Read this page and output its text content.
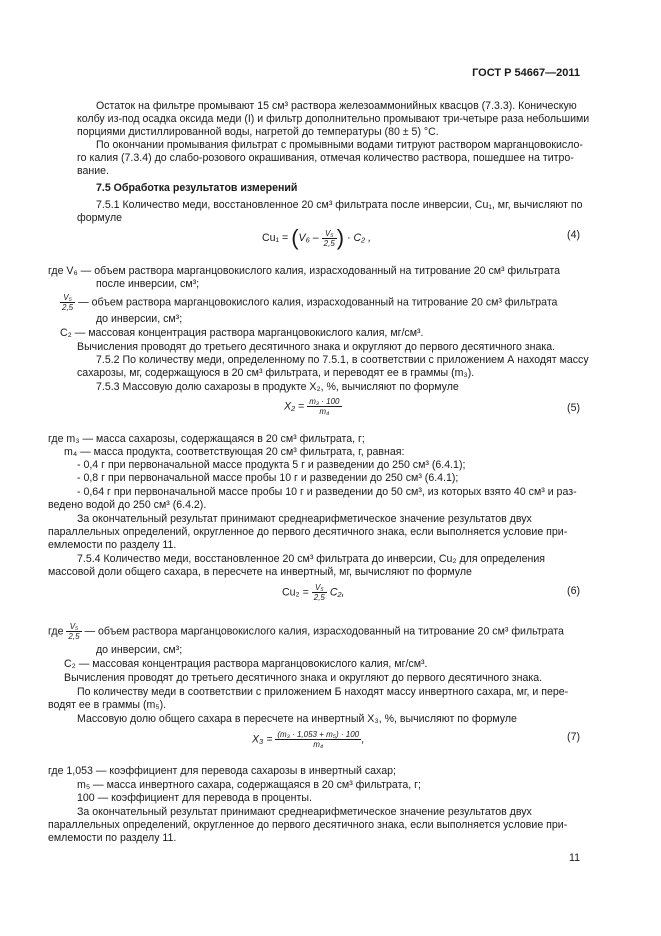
ГОСТ Р 54667—2011
Остаток на фильтре промывают 15 см³ раствора железоаммонийных квасцов (7.3.3). Коническую
колбу из-под осадка оксида меди (I) и фильтр дополнительно промывают три-четыре раза небольшими
порциями дистиллированной воды, нагретой до температуры (80 ± 5) °С.
По окончании промывания фильтрат с промывными водами титруют раствором марганцовокисло-
го калия (7.3.4) до слабо-розового окрашивания, отмечая количество раствора, пошедшее на титро-
вание.
7.5 Обработка результатов измерений
7.5.1 Количество меди, восстановленное 20 см³ фильтрата после инверсии, Cu₁, мг, вычисляют по
формуле
$Cu_1 = (V_6 - \frac{\text{V₅}}{2,5}$ ) · C₂ ,	(4)
где V₆ — объем раствора марганцовокислого калия, израсходованный на титрование 20 см³ фильтрата
после инверсии, см³;
$\frac{\text{V₅}}{2,5}$ — объем раствора марганцовокислого калия, израсходованный на титрование 20 см³ фильтрата
до инверсии, см³;
C₂ — массовая концентрация раствора марганцовокислого калия, мг/см³.
Вычисления проводят до третьего десятичного знака и округляют до первого десятичного знака.
7.5.2 По количеству меди, определенному по 7.5.1, в соответствии с приложением А находят массу
сахарозы, мг, содержащуюся в 20 см³ фильтрата, и переводят ее в граммы (m₃).
7.5.3 Массовую долю сахарозы в продукте X₂, %, вычисляют по формуле
$X_2 = \frac{\text{m₃ · 100}}{\text{m₄}}$	(5)
где m₃ — масса сахарозы, содержащаяся в 20 см³ фильтрата, г;
m₄ — масса продукта, соответствующая 20 см³ фильтрата, г, равная:
- 0,4 г при первоначальной массе продукта 5 г и разведении до 250 см³ (6.4.1);
- 0,8 г при первоначальной массе пробы 10 г и разведении до 250 см³ (6.4.1);
- 0,64 г при первоначальной массе пробы 10 г и разведении до 50 см³, из которых взято 40 см³ и раз-
ведено водой до 250 см³ (6.4.2).
За окончательный результат принимают среднеарифметическое значение результатов двух
параллельных определений, округленное до первого десятичного знака, если выполняется условие при-
емлемости по разделу 11.
7.5.4 Количество меди, восстановленное 20 см³ фильтрата до инверсии, Cu₂ для определения
массовой доли общего сахара, в пересчете на инвертный, мг, вычисляют по формуле
$Cu_2 = \frac{\text{V₅}}{2,5} C_2$,	(6)
где $\frac{\text{V₅}}{2,5}$ — объем раствора марганцовокислого калия, израсходованный на титрование 20 см³ фильтрата
до инверсии, см³;
C₂ — массовая концентрация раствора марганцовокислого калия, мг/см³.
Вычисления проводят до третьего десятичного знака и округляют до первого десятичного знака.
По количеству меди в соответствии с приложением Б находят массу инвертного сахара, мг, и пере-
водят ее в граммы (m₅).
Массовую долю общего сахара в пересчете на инвертный X₃, %, вычисляют по формуле
$X_3 = \frac{\text{(m₃ · 1,053 + m₅) · 100}}{\text{m₄}}$ ,	(7)
где 1,053 — коэффициент для перевода сахарозы в инвертный сахар;
m₅ — масса инвертного сахара, содержащаяся в 20 см³ фильтрата, г;
100 — коэффициент для перевода в проценты.
За окончательный результат принимают среднеарифметическое значение результатов двух
параллельных определений, округленное до первого десятичного знака, если выполняется условие при-
емлемости по разделу 11.
11
